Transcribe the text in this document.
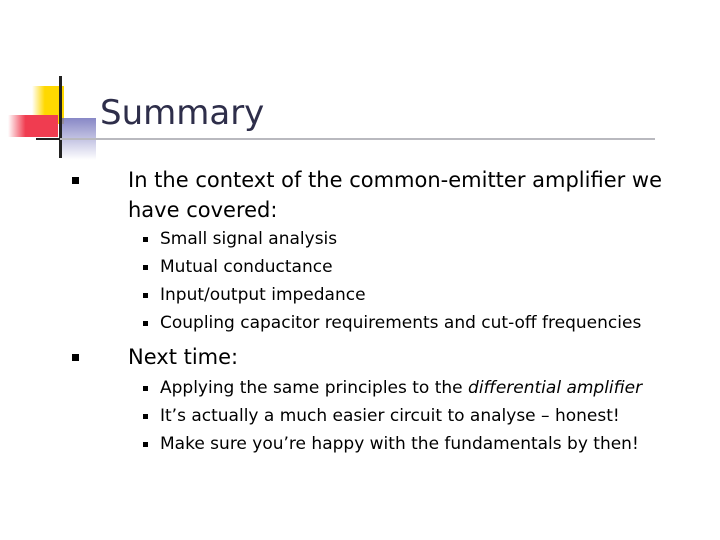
Summary
In the context of the common-emitter amplifier we
have covered:
Small signal analysis
Mutual conductance
Input/output impedance
Coupling capacitor requirements and cut-off frequencies
Next time:
Applying the same principles to the differential amplifier
It’s actually a much easier circuit to analyse – honest!
Make sure you’re happy with the fundamentals by then!
